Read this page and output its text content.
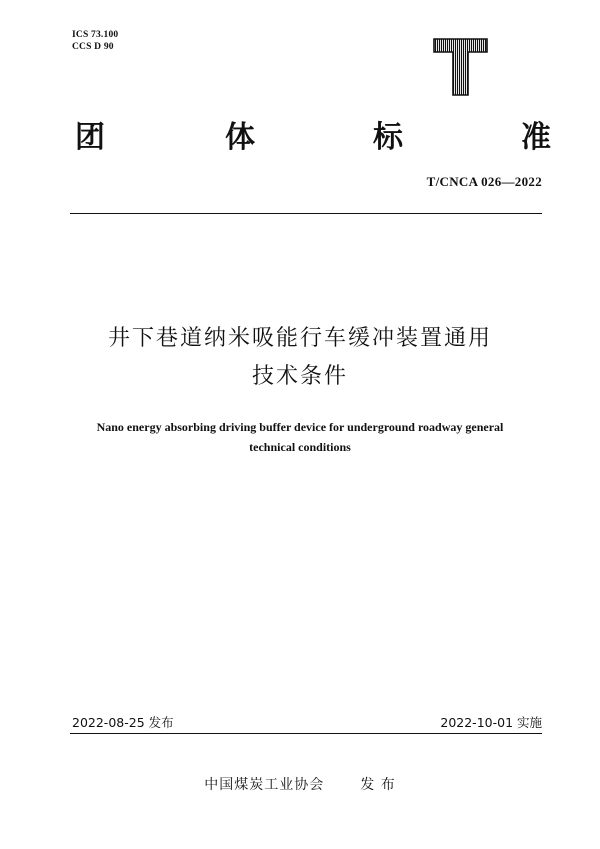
ICS 73.100
CCS D 90
团	体	标	准
T/CNCA 026—2022
井下巷道纳米吸能行车缓冲装置通用
技术条件
Nano energy absorbing driving buffer device for underground roadway general
technical conditions
2022-08-25 发布	2022-10-01 实施
中国煤炭工业协会	发 布
